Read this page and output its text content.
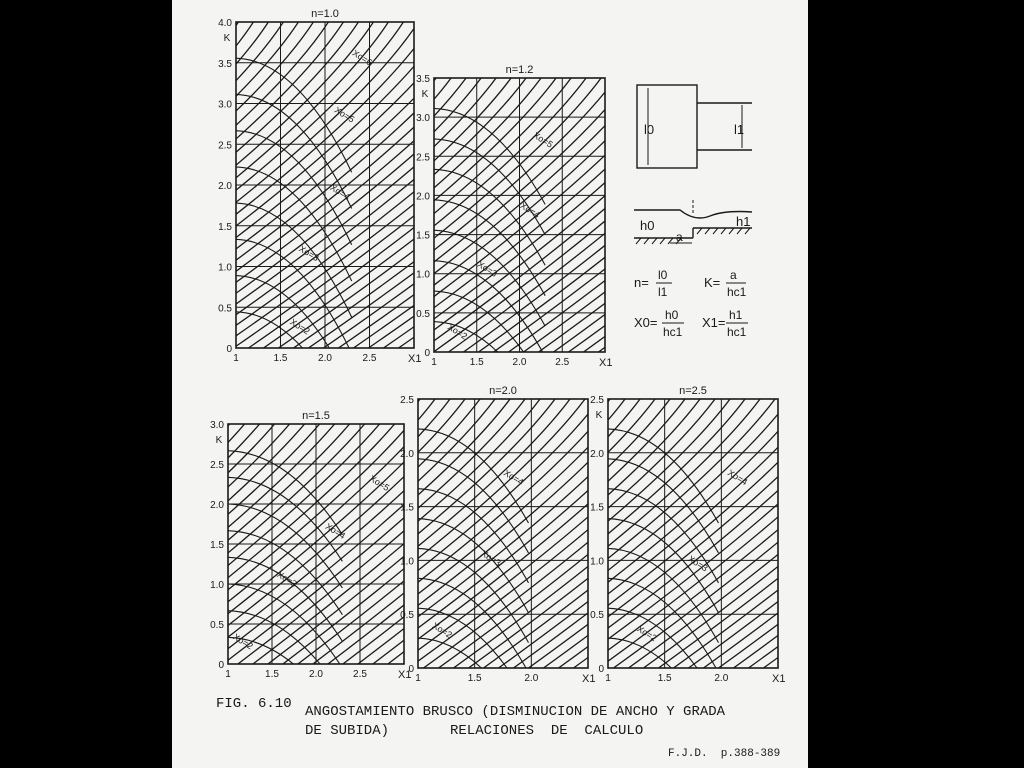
n=1.0
0
0.5
1.0
1.5
2.0
2.5
3.0
3.5
4.0
K
1	1.5	2.0	2.5	X1
Xo=2
Xo=3
Xo=4
Xo=5
Xo=6
n=1.2
0
0.5
1.0
1.5
2.0
2.5
3.0
3.5
K
1	1.5	2.0	2.5	X1
Xo=2
Xo=3
Xo=4
Xo=5
n=1.5
0
0.5
1.0
1.5
2.0
2.5
3.0
K
1	1.5	2.0	2.5	X1
Xo=2
Xo=3
Xo=4
Xo=5
n=2.0
0
0.5
1.0
1.5
2.0
2.5
1	1.5	2.0	X1
Xo=2
Xo=3
Xo=4
n=2.5
0
0.5
1.0
1.5
2.0
2.5
K
1	1.5	2.0	X1
Xo=2
Xo=3
Xo=4
l0	l1
h0
a
h1
n= l0
l1
K= a
hc1
X0= h0
hc1
X1= h1
hc1
FIG. 6.10 ANGOSTAMIENTO BRUSCO (DISMINUCION DE ANCHO Y GRADA
DE SUBIDA)	RELACIONES  DE  CALCULO
F.J.D.  p.388-389
